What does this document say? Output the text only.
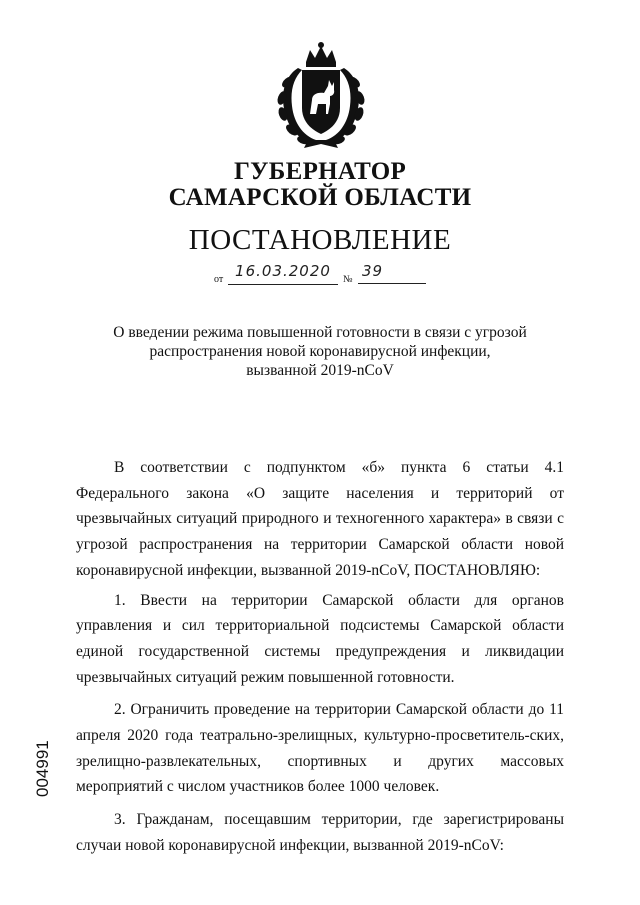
ГУБЕРНАТОР
САМАРСКОЙ ОБЛАСТИ
ПОСТАНОВЛЕНИЕ
от 16.03.2020	№ 39
О введении режима повышенной готовности в связи с угрозой
распространения новой коронавирусной инфекции,
вызванной 2019-nCoV

В соответствии с подпунктом «б» пункта 6 статьи 4.1 Федерального закона «О защите населения и территорий от чрезвычайных ситуаций природного и техногенного характера» в связи с угрозой распространения на территории Самарской области новой коронавирусной инфекции, вызванной 2019-nCoV, ПОСТАНОВЛЯЮ:

1. Ввести на территории Самарской области для органов управления и сил территориальной подсистемы Самарской области единой государственной системы предупреждения и ликвидации чрезвычайных ситуаций режим повышенной готовности.

2. Ограничить проведение на территории Самарской области до 11 апреля 2020 года театрально-зрелищных, культурно-просветитель-ских, зрелищно-развлекательных, спортивных и других массовых мероприятий с числом участников более 1000 человек.

3. Гражданам, посещавшим территории, где зарегистрированы случаи новой коронавирусной инфекции, вызванной 2019-nCoV:

004991
